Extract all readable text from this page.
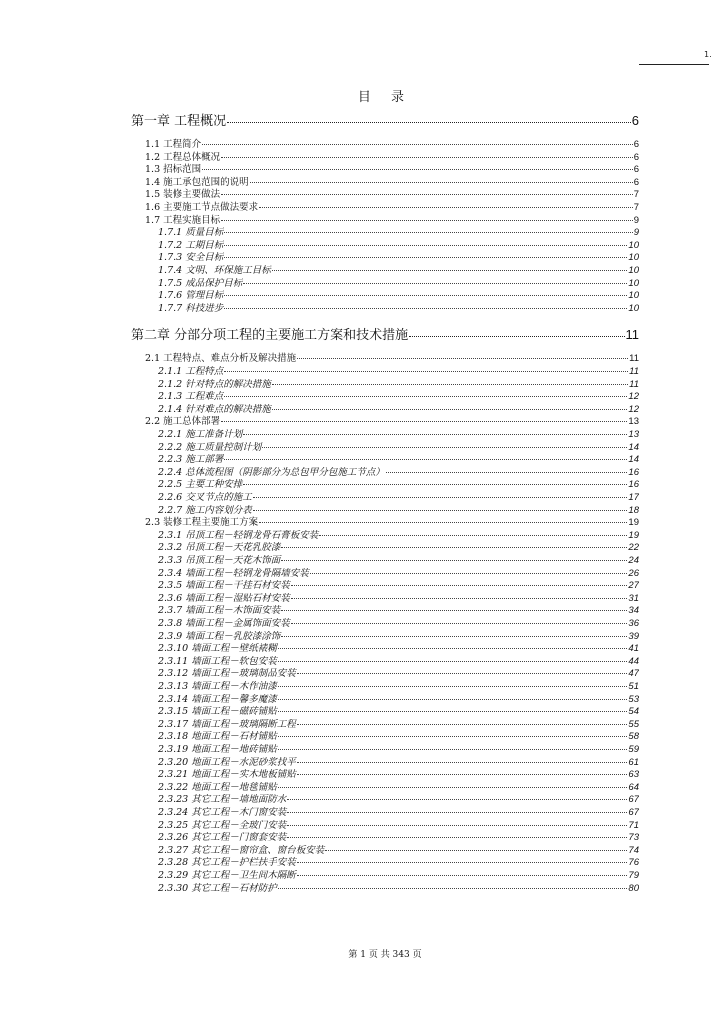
1.
目 录
第一章 工程概况	6
1.1 工程简介	6
1.2 工程总体概况	6
1.3 招标范围	6
1.4 施工承包范围的说明	6
1.5 装修主要做法	7
1.6 主要施工节点做法要求	7
1.7 工程实施目标	9
1.7.1 质量目标	9
1.7.2 工期目标	10
1.7.3 安全目标	10
1.7.4 文明、环保施工目标	10
1.7.5 成品保护目标	10
1.7.6 管理目标	10
1.7.7 科技进步	10
第二章 分部分项工程的主要施工方案和技术措施	11
2.1 工程特点、难点分析及解决措施	11
2.1.1 工程特点	11
2.1.2 针对特点的解决措施	11
2.1.3 工程难点	12
2.1.4 针对难点的解决措施	12
2.2 施工总体部署	13
2.2.1 施工准备计划	13
2.2.2 施工质量控制计划	14
2.2.3 施工部署	14
2.2.4 总体流程图（阴影部分为总包甲分包施工节点）	16
2.2.5 主要工种安排	16
2.2.6 交叉节点的施工	17
2.2.7 施工内容划分表	18
2.3 装修工程主要施工方案	19
2.3.1 吊顶工程－轻钢龙骨石膏板安装	19
2.3.2 吊顶工程－天花乳胶漆	22
2.3.3 吊顶工程－天花木饰面	24
2.3.4 墙面工程－轻钢龙骨隔墙安装	26
2.3.5 墙面工程－干挂石材安装	27
2.3.6 墙面工程－湿贴石材安装	31
2.3.7 墙面工程－木饰面安装	34
2.3.8 墙面工程－金属饰面安装	36
2.3.9 墙面工程－乳胶漆涂饰	39
2.3.10 墙面工程－壁纸裱糊	41
2.3.11 墙面工程－软包安装	44
2.3.12 墙面工程－玻璃制品安装	47
2.3.13 墙面工程－木作油漆	51
2.3.14 墙面工程－馨多魔漆	53
2.3.15 墙面工程－磁砖铺贴	54
2.3.17 墙面工程－玻璃隔断工程	55
2.3.18 地面工程－石材铺贴	58
2.3.19 地面工程－地砖铺贴	59
2.3.20 地面工程－水泥砂浆找平	61
2.3.21 地面工程－实木地板铺贴	63
2.3.22 地面工程－地毯铺贴	64
2.3.23 其它工程－墙地面防水	67
2.3.24 其它工程－木门窗安装	67
2.3.25 其它工程－全玻门安装	71
2.3.26 其它工程－门窗套安装	73
2.3.27 其它工程－窗帘盒、窗台板安装	74
2.3.28 其它工程－护栏扶手安装	76
2.3.29 其它工程－卫生间木隔断	79
2.3.30 其它工程－石材防护	80
第 1 页 共 343 页
